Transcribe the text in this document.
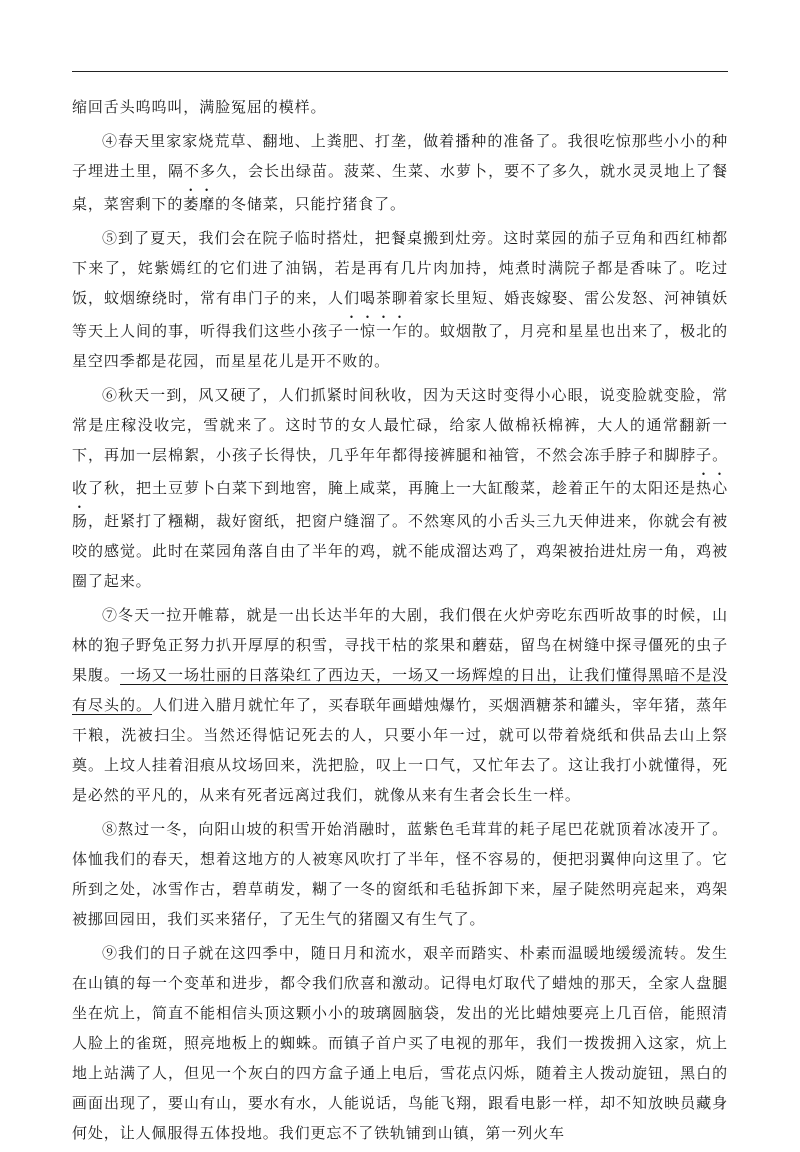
缩回舌头呜呜叫，满脸冤屈的模样。

④春天里家家烧荒草、翻地、上粪肥、打垄，做着播种的准备了。我很吃惊那些小小的种子埋进土里，隔不多久，会长出绿苗。菠菜、生菜、水萝卜，要不了多久，就水灵灵地上了餐桌，菜窖剩下的萎靡的冬储菜，只能拧猪食了。

⑤到了夏天，我们会在院子临时搭灶，把餐桌搬到灶旁。这时菜园的茄子豆角和西红柿都下来了，姹紫嫣红的它们进了油锅，若是再有几片肉加持，炖煮时满院子都是香味了。吃过饭，蚊烟缭绕时，常有串门子的来，人们喝茶聊着家长里短、婚丧嫁娶、雷公发怒、河神镇妖等天上人间的事，听得我们这些小孩子一惊一乍的。蚊烟散了，月亮和星星也出来了，极北的星空四季都是花园，而星星花儿是开不败的。

⑥秋天一到，风又硬了，人们抓紧时间秋收，因为天这时变得小心眼，说变脸就变脸，常常是庄稼没收完，雪就来了。这时节的女人最忙碌，给家人做棉袄棉裤，大人的通常翻新一下，再加一层棉絮，小孩子长得快，几乎年年都得接裤腿和袖管，不然会冻手脖子和脚脖子。收了秋，把土豆萝卜白菜下到地窖，腌上咸菜，再腌上一大缸酸菜，趁着正午的太阳还是热心肠，赶紧打了糨糊，裁好窗纸，把窗户缝溜了。不然寒风的小舌头三九天伸进来，你就会有被咬的感觉。此时在菜园角落自由了半年的鸡，就不能成溜达鸡了，鸡架被抬进灶房一角，鸡被圈了起来。

⑦冬天一拉开帷幕，就是一出长达半年的大剧，我们偎在火炉旁吃东西听故事的时候，山林的狍子野兔正努力扒开厚厚的积雪，寻找干枯的浆果和蘑菇，留鸟在树缝中探寻僵死的虫子果腹。一场又一场壮丽的日落染红了西边天，一场又一场辉煌的日出，让我们懂得黑暗不是没有尽头的。人们进入腊月就忙年了，买春联年画蜡烛爆竹，买烟酒糖茶和罐头，宰年猪，蒸年干粮，洗被扫尘。当然还得惦记死去的人，只要小年一过，就可以带着烧纸和供品去山上祭奠。上坟人挂着泪痕从坟场回来，洗把脸，叹上一口气，又忙年去了。这让我打小就懂得，死是必然的平凡的，从来有死者远离过我们，就像从来有生者会长生一样。

⑧熬过一冬，向阳山坡的积雪开始消融时，蓝紫色毛茸茸的耗子尾巴花就顶着冰凌开了。体恤我们的春天，想着这地方的人被寒风吹打了半年，怪不容易的，便把羽翼伸向这里了。它所到之处，冰雪作古，碧草萌发，糊了一冬的窗纸和毛毡拆卸下来，屋子陡然明亮起来，鸡架被挪回园田，我们买来猪仔，了无生气的猪圈又有生气了。

⑨我们的日子就在这四季中，随日月和流水，艰辛而踏实、朴素而温暖地缓缓流转。发生在山镇的每一个变革和进步，都令我们欣喜和激动。记得电灯取代了蜡烛的那天，全家人盘腿坐在炕上，简直不能相信头顶这颗小小的玻璃圆脑袋，发出的光比蜡烛要亮上几百倍，能照清人脸上的雀斑，照亮地板上的蜘蛛。而镇子首户买了电视的那年，我们一拨拨拥入这家，炕上地上站满了人，但见一个灰白的四方盒子通上电后，雪花点闪烁，随着主人拨动旋钮，黑白的画面出现了，要山有山，要水有水，人能说话，鸟能飞翔，跟看电影一样，却不知放映员藏身何处，让人佩服得五体投地。我们更忘不了铁轨铺到山镇，第一列火车
